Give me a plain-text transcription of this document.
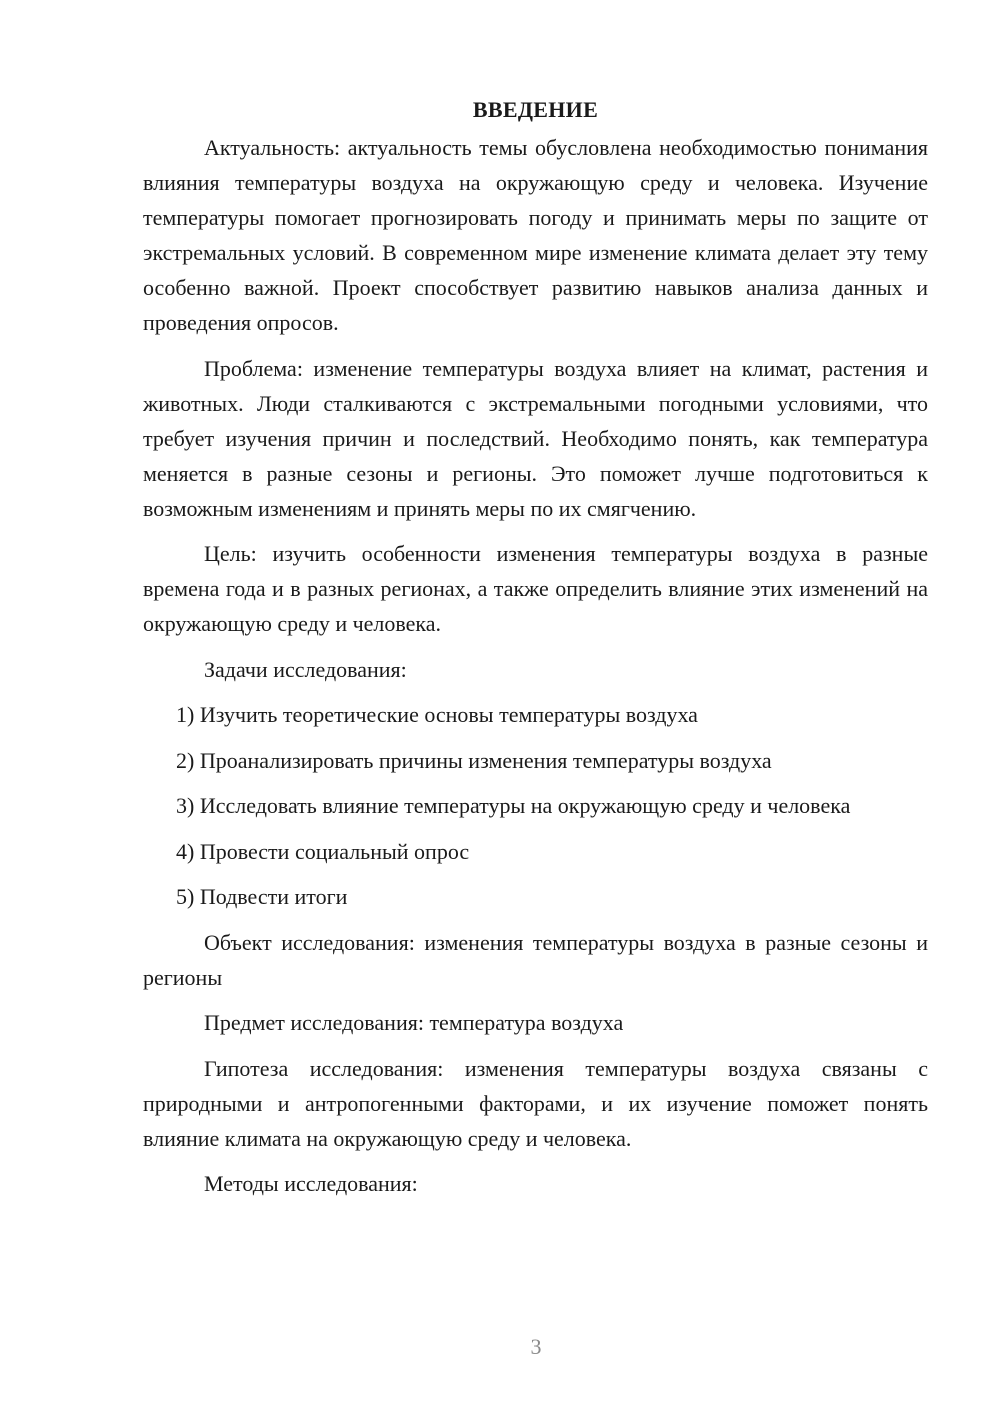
ВВЕДЕНИЕ

Актуальность: актуальность темы обусловлена необходимостью понимания влияния температуры воздуха на окружающую среду и человека. Изучение температуры помогает прогнозировать погоду и принимать меры по защите от экстремальных условий. В современном мире изменение климата делает эту тему особенно важной. Проект способствует развитию навыков анализа данных и проведения опросов.

Проблема: изменение температуры воздуха влияет на климат, растения и животных. Люди сталкиваются с экстремальными погодными условиями, что требует изучения причин и последствий. Необходимо понять, как температура меняется в разные сезоны и регионы. Это поможет лучше подготовиться к возможным изменениям и принять меры по их смягчению.

Цель: изучить особенности изменения температуры воздуха в разные времена года и в разных регионах, а также определить влияние этих изменений на окружающую среду и человека.

Задачи исследования:

1) Изучить теоретические основы температуры воздуха

2) Проанализировать причины изменения температуры воздуха

3) Исследовать влияние температуры на окружающую среду и человека

4) Провести социальный опрос

5) Подвести итоги

Объект исследования: изменения температуры воздуха в разные сезоны и регионы

Предмет исследования: температура воздуха

Гипотеза исследования: изменения температуры воздуха связаны с природными и антропогенными факторами, и их изучение поможет понять влияние климата на окружающую среду и человека.

Методы исследования:

3
